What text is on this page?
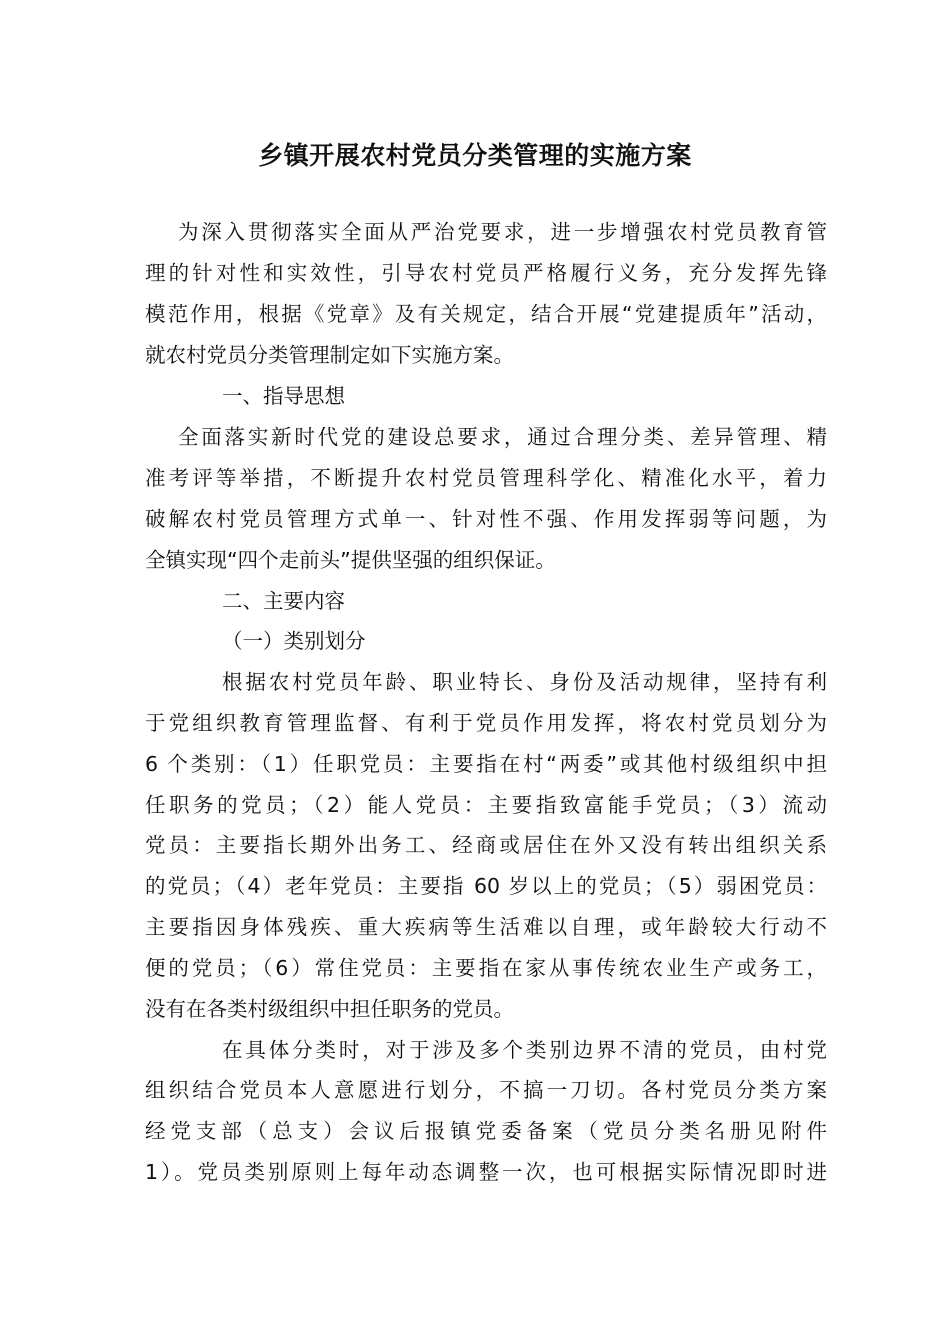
乡镇开展农村党员分类管理的实施方案
为深入贯彻落实全面从严治党要求，进一步增强农村党员教育管
理的针对性和实效性，引导农村党员严格履行义务，充分发挥先锋
模范作用，根据《党章》及有关规定，结合开展“党建提质年”活动，
就农村党员分类管理制定如下实施方案。
一、指导思想
全面落实新时代党的建设总要求，通过合理分类、差异管理、精
准考评等举措，不断提升农村党员管理科学化、精准化水平，着力
破解农村党员管理方式单一、针对性不强、作用发挥弱等问题，为
全镇实现“四个走前头”提供坚强的组织保证。
二、主要内容
（一）类别划分
根据农村党员年龄、职业特长、身份及活动规律，坚持有利
于党组织教育管理监督、有利于党员作用发挥，将农村党员划分为
6 个类别：（1）任职党员：主要指在村“两委”或其他村级组织中担
任职务的党员；（2）能人党员：主要指致富能手党员；（3）流动
党员：主要指长期外出务工、经商或居住在外又没有转出组织关系
的党员；（4）老年党员：主要指 60 岁以上的党员；（5）弱困党员：
主要指因身体残疾、重大疾病等生活难以自理，或年龄较大行动不
便的党员；（6）常住党员：主要指在家从事传统农业生产或务工，
没有在各类村级组织中担任职务的党员。
在具体分类时，对于涉及多个类别边界不清的党员，由村党
组织结合党员本人意愿进行划分，不搞一刀切。各村党员分类方案
经党支部（总支）会议后报镇党委备案（党员分类名册见附件
1）。党员类别原则上每年动态调整一次，也可根据实际情况即时进
